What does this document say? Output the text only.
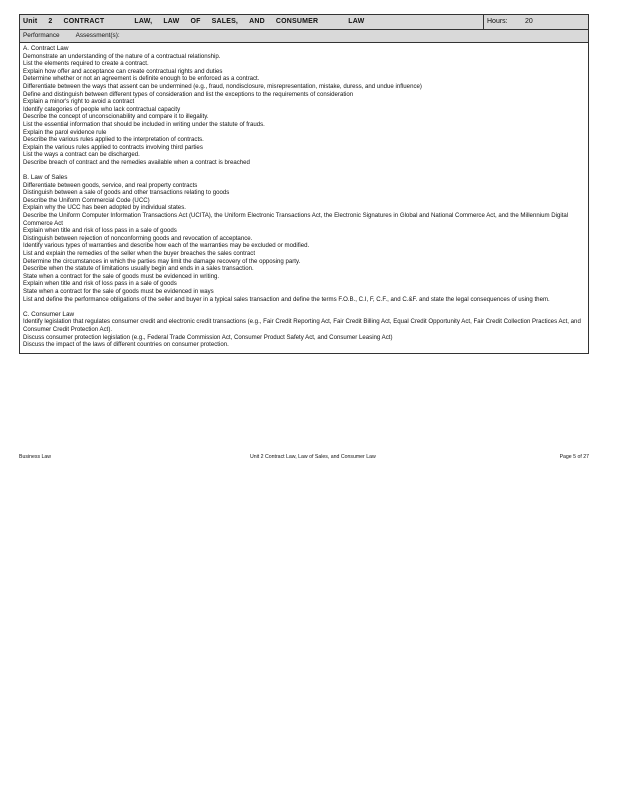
Unit 2 CONTRACT	LAW, LAW OF SALES, AND CONSUMER	LAW	Hours: 20
Performance	Assessment(s):

A. Contract Law

Demonstrate an understanding of the nature of a contractual relationship.

List the elements required to create a contract.

Explain how offer and acceptance can create contractual rights and duties

Determine whether or not an agreement is definite enough to be enforced as a contract.

Differentiate between the ways that assent can be undermined (e.g., fraud, nondisclosure, misrepresentation, mistake, duress, and undue influence)

Define and distinguish between different types of consideration and list the exceptions to the requirements of consideration

Explain a minor's right to avoid a contract

Identify categories of people who lack contractual capacity

Describe the concept of unconscionability and compare it to illegality.

List the essential information that should be included in writing under the statute of frauds.

Explain the parol evidence rule

Describe the various rules applied to the interpretation of contracts.

Explain the various rules applied to contracts involving third parties

List the ways a contract can be discharged.

Describe breach of contract and the remedies available when a contract is breached

B. Law of Sales

Differentiate between goods, service, and real property contracts

Distinguish between a sale of goods and other transactions relating to goods

Describe the Uniform Commercial Code (UCC)

Explain why the UCC has been adopted by individual states.

Describe the Uniform Computer Information Transactions Act (UCITA), the Uniform Electronic Transactions Act, the Electronic Signatures in Global and National Commerce Act, and the Millennium Digital Commerce Act

Explain when title and risk of loss pass in a sale of goods

Distinguish between rejection of nonconforming goods and revocation of acceptance.

Identify various types of warranties and describe how each of the warranties may be excluded or modified.

List and explain the remedies of the seller when the buyer breaches the sales contract

Determine the circumstances in which the parties may limit the damage recovery of the opposing party.

Describe when the statute of limitations usually begin and ends in a sales transaction.

State when a contract for the sale of goods must be evidenced in writing.

Explain when title and risk of loss pass in a sale of goods

State when a contract for the sale of goods must be evidenced in ways

List and define the performance obligations of the seller and buyer in a typical sales transaction and define the terms F.O.B., C.I, F, C.F., and C.&F. and state the legal consequences of using them.

C. Consumer Law

Identify legislation that regulates consumer credit and electronic credit transactions (e.g., Fair Credit Reporting Act, Fair Credit Billing Act, Equal Credit Opportunity Act, Fair Credit Collection Practices Act, and Consumer Credit Protection Act).

Discuss consumer protection legislation (e.g., Federal Trade Commission Act, Consumer Product Safety Act, and Consumer Leasing Act)

Discuss the impact of the laws of different countries on consumer protection.

Business Law	Unit 2 Contract Law, Law of Sales, and Consumer Law	Page 5 of 27
